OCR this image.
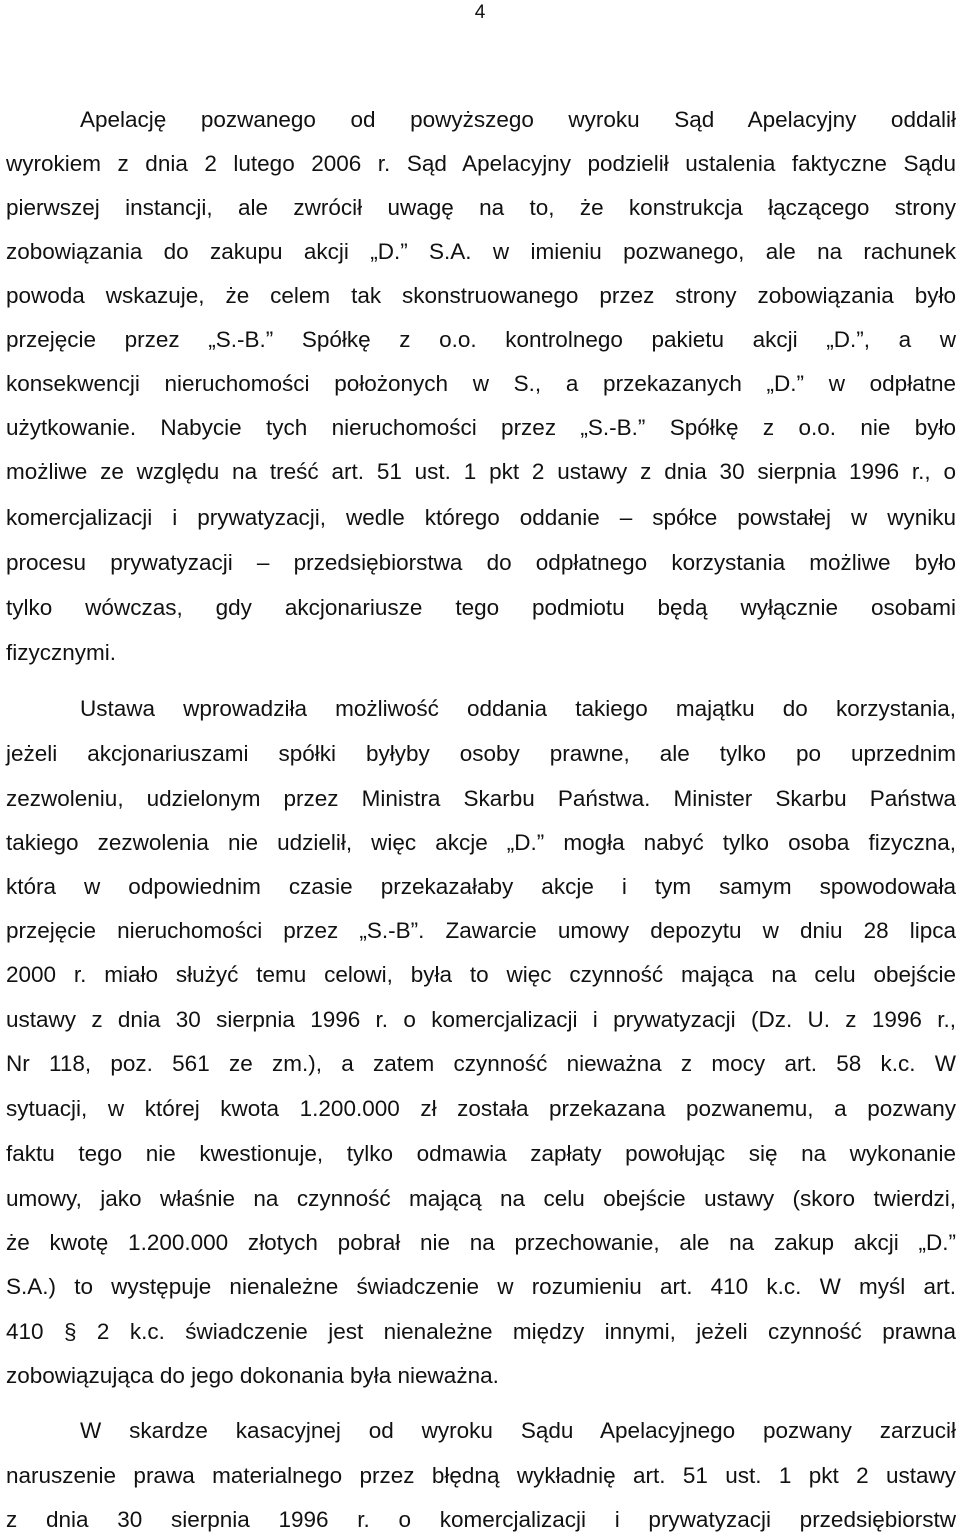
4
Apelację pozwanego od powyższego wyroku Sąd Apelacyjny oddalił
wyrokiem z dnia 2 lutego 2006 r. Sąd Apelacyjny podzielił ustalenia faktyczne Sądu
pierwszej instancji, ale zwrócił uwagę na to, że konstrukcja łączącego strony
zobowiązania do zakupu akcji „D.” S.A. w imieniu pozwanego, ale na rachunek
powoda wskazuje, że celem tak skonstruowanego przez strony zobowiązania było
przejęcie przez „S.-B.” Spółkę z o.o. kontrolnego pakietu akcji „D.”, a w
konsekwencji nieruchomości położonych w S., a przekazanych „D.” w odpłatne
użytkowanie. Nabycie tych nieruchomości przez „S.-B.” Spółkę z o.o. nie było
możliwe ze względu na treść art. 51 ust. 1 pkt 2 ustawy z dnia 30 sierpnia 1996 r., o
komercjalizacji i prywatyzacji, wedle którego oddanie – spółce powstałej w wyniku
procesu prywatyzacji – przedsiębiorstwa do odpłatnego korzystania możliwe było
tylko wówczas, gdy akcjonariusze tego podmiotu będą wyłącznie osobami
fizycznymi.
Ustawa wprowadziła możliwość oddania takiego majątku do korzystania,
jeżeli akcjonariuszami spółki byłyby osoby prawne, ale tylko po uprzednim
zezwoleniu, udzielonym przez Ministra Skarbu Państwa. Minister Skarbu Państwa
takiego zezwolenia nie udzielił, więc akcje „D.” mogła nabyć tylko osoba fizyczna,
która w odpowiednim czasie przekazałaby akcje i tym samym spowodowała
przejęcie nieruchomości przez „S.-B”. Zawarcie umowy depozytu w dniu 28 lipca
2000 r. miało służyć temu celowi, była to więc czynność mająca na celu obejście
ustawy z dnia 30 sierpnia 1996 r. o komercjalizacji i prywatyzacji (Dz. U. z 1996 r.,
Nr 118, poz. 561 ze zm.), a zatem czynność nieważna z mocy art. 58 k.c. W
sytuacji, w której kwota 1.200.000 zł została przekazana pozwanemu, a pozwany
faktu tego nie kwestionuje, tylko odmawia zapłaty powołując się na wykonanie
umowy, jako właśnie na czynność mającą na celu obejście ustawy (skoro twierdzi,
że kwotę 1.200.000 złotych pobrał nie na przechowanie, ale na zakup akcji „D.”
S.A.) to występuje nienależne świadczenie w rozumieniu art. 410 k.c. W myśl art.
410 § 2 k.c. świadczenie jest nienależne między innymi, jeżeli czynność prawna
zobowiązująca do jego dokonania była nieważna.
W skardze kasacyjnej od wyroku Sądu Apelacyjnego pozwany zarzucił
naruszenie prawa materialnego przez błędną wykładnię art. 51 ust. 1 pkt 2 ustawy
z dnia 30 sierpnia 1996 r. o komercjalizacji i prywatyzacji przedsiębiorstw
